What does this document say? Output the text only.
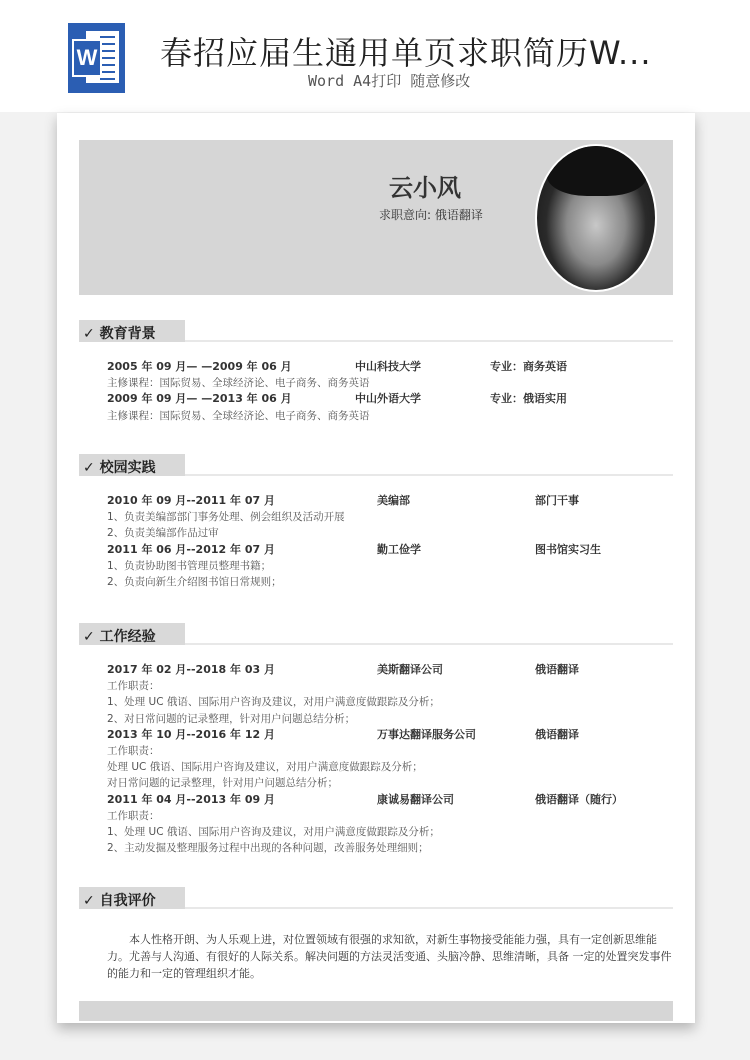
W 春招应届生通用单页求职简历W...
Word A4打印 随意修改
云小风
求职意向: 俄语翻译
✓ 教育背景
2005 年 09 月— —2009 年 06 月	中山科技大学	专业：商务英语
主修课程：国际贸易、全球经济论、电子商务、商务英语
2009 年 09 月— —2013 年 06 月	中山外语大学	专业：俄语实用
主修课程：国际贸易、全球经济论、电子商务、商务英语
✓ 校园实践
2010 年 09 月--2011 年 07 月	美编部	部门干事
1、负责美编部部门事务处理、例会组织及活动开展
2、负责美编部作品过审
2011 年 06 月--2012 年 07 月	勤工俭学	图书馆实习生
1、负责协助图书管理员整理书籍；
2、负责向新生介绍图书馆日常规则；
✓ 工作经验
2017 年 02 月--2018 年 03 月	美斯翻译公司	俄语翻译
工作职责：
1、处理 UC 俄语、国际用户咨询及建议，对用户满意度做跟踪及分析；
2、对日常问题的记录整理，针对用户问题总结分析；
2013 年 10 月--2016 年 12 月	万事达翻译服务公司	俄语翻译
工作职责：
处理 UC 俄语、国际用户咨询及建议，对用户满意度做跟踪及分析；
对日常问题的记录整理，针对用户问题总结分析；
2011 年 04 月--2013 年 09 月	康诚易翻译公司	俄语翻译（随行）
工作职责：
1、处理 UC 俄语、国际用户咨询及建议，对用户满意度做跟踪及分析；
2、主动发掘及整理服务过程中出现的各种问题，改善服务处理细则；
✓ 自我评价
本人性格开朗、为人乐观上进，对位置领域有很强的求知欲，对新生事物接受能能力强，具有一定创新思维能力。尤善与人沟通、有很好的人际关系。解决问题的方法灵活变通、头脑冷静、思维清晰，具备 一定的处置突发事件的能力和一定的管理组织才能。
